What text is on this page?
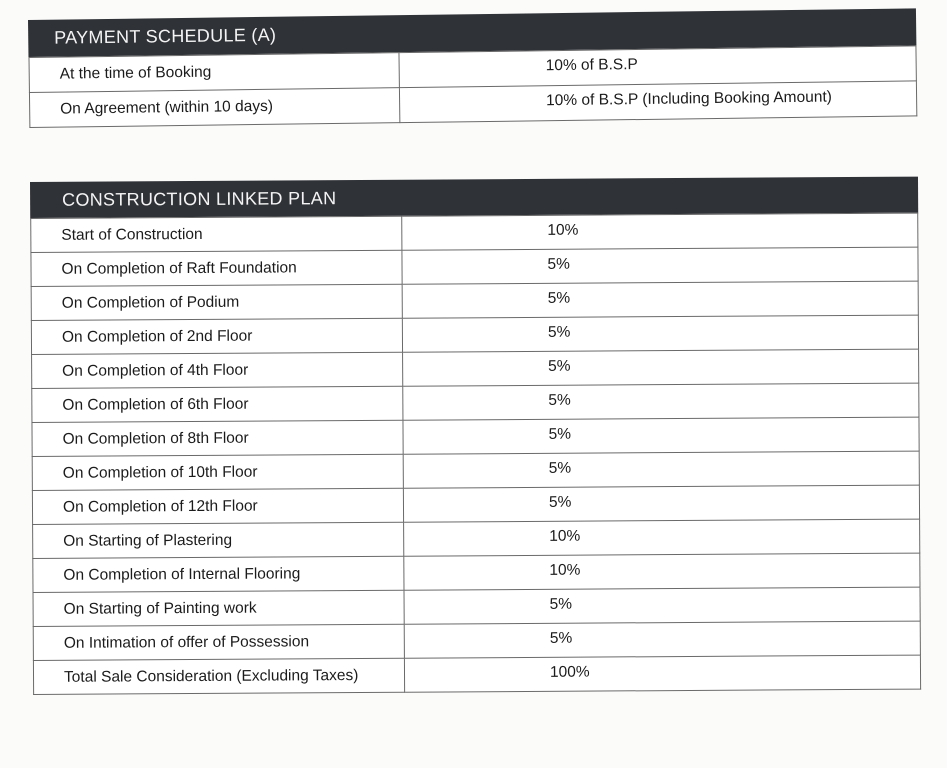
PAYMENT SCHEDULE (A)
At the time of Booking	10% of B.S.P
On Agreement (within 10 days)	10% of B.S.P (Including Booking Amount)
CONSTRUCTION LINKED PLAN
Start of Construction	10%
On Completion of Raft Foundation	5%
On Completion of Podium	5%
On Completion of 2nd Floor	5%
On Completion of 4th Floor	5%
On Completion of 6th Floor	5%
On Completion of 8th Floor	5%
On Completion of 10th Floor	5%
On Completion of 12th Floor	5%
On Starting of Plastering	10%
On Completion of Internal Flooring	10%
On Starting of Painting work	5%
On Intimation of offer of Possession	5%
Total Sale Consideration (Excluding Taxes)	100%
